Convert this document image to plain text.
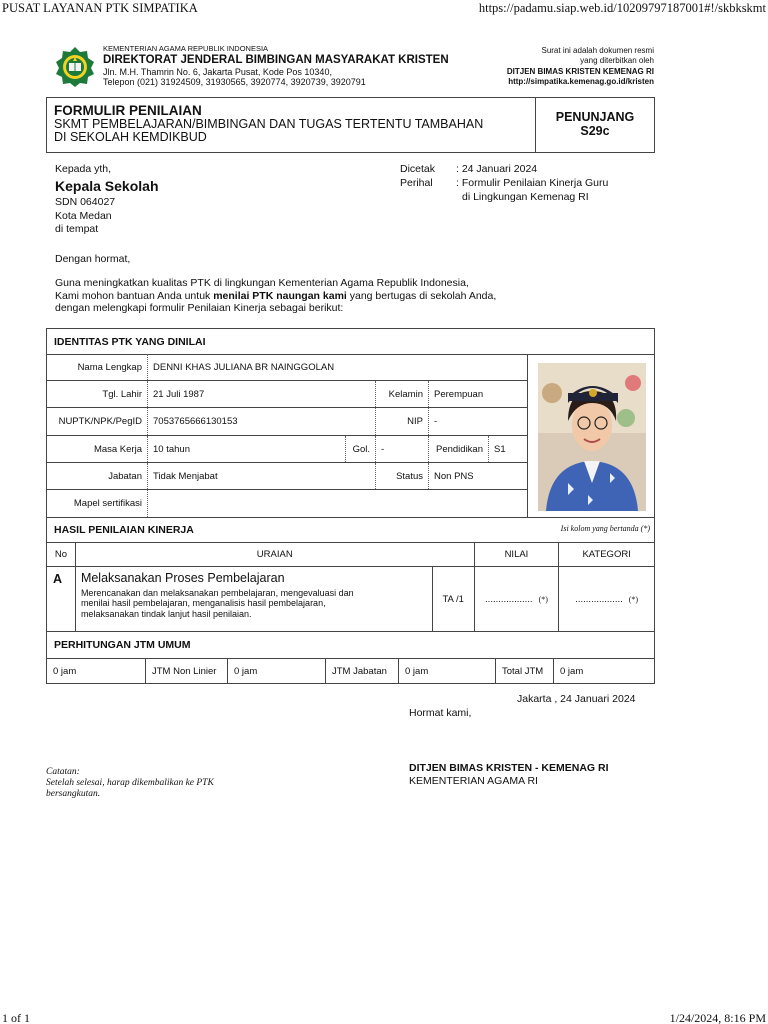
PUSAT LAYANAN PTK SIMPATIKA	https://padamu.siap.web.id/10209797187001#!/skbkskmt
1 of 1	1/24/2024, 8:16 PM
KEMENTERIAN AGAMA REPUBLIK INDONESIA
DIREKTORAT JENDERAL BIMBINGAN MASYARAKAT KRISTEN
Jln. M.H. Thamrin No. 6, Jakarta Pusat, Kode Pos 10340,
Telepon (021) 31924509, 31930565, 3920774, 3920739, 3920791
Surat ini adalah dokumen resmi
yang diterbitkan oleh
DITJEN BIMAS KRISTEN KEMENAG RI
http://simpatika.kemenag.go.id/kristen
FORMULIR PENILAIAN
SKMT PEMBELAJARAN/BIMBINGAN DAN TUGAS TERTENTU TAMBAHAN
DI SEKOLAH KEMDIKBUD
PENUNJANG
S29c
Kepada yth,
Kepala Sekolah
SDN 064027
Kota Medan
di tempat
Dicetak	: 24 Januari 2024
Perihal	: Formulir Penilaian Kinerja Guru
di Lingkungan Kemenag RI
Dengan hormat,
Guna meningkatkan kualitas PTK di lingkungan Kementerian Agama Republik Indonesia,
Kami mohon bantuan Anda untuk menilai PTK naungan kami yang bertugas di sekolah Anda,
dengan melengkapi formulir Penilaian Kinerja sebagai berikut:
IDENTITAS PTK YANG DINILAI
Nama Lengkap	DENNI KHAS JULIANA BR NAINGGOLAN
Tgl. Lahir	21 Juli 1987	Kelamin	Perempuan
NUPTK/NPK/PegID	7053765666130153	NIP	-
Masa Kerja	10 tahun	Gol.	-	Pendidikan	S1
Jabatan	Tidak Menjabat	Status	Non PNS
Mapel sertifikasi
HASIL PENILAIAN KINERJA	Isi kolom yang bertanda (*)
No	URAIAN	NILAI	KATEGORI
A	Melaksanakan Proses Pembelajaran
Merencanakan dan melaksanakan pembelajaran, mengevaluasi dan
menilai hasil pembelajaran, menganalisis hasil pembelajaran,
melaksanakan tindak lanjut hasil penilaian.
TA /1	.................. (*)	.................. (*)
PERHITUNGAN JTM UMUM
0 jam	JTM Non Linier	0 jam	JTM Jabatan	0 jam	Total JTM	0 jam
Jakarta , 24 Januari 2024
Hormat kami,
DITJEN BIMAS KRISTEN - KEMENAG RI
KEMENTERIAN AGAMA RI
Catatan:
Setelah selesai, harap dikembalikan ke PTK
bersangkutan.
